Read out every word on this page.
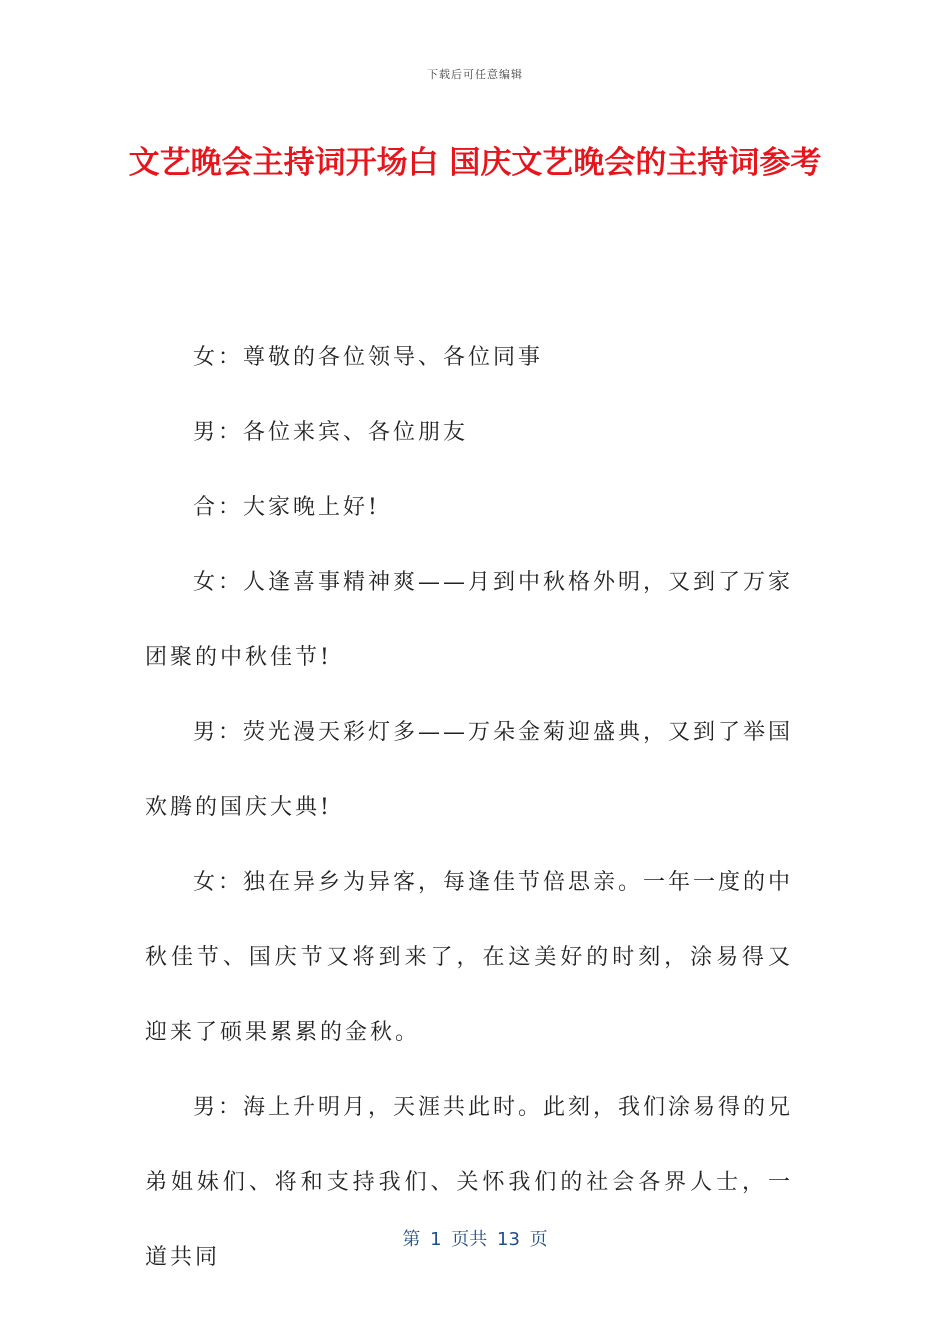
下载后可任意编辑
文艺晚会主持词开场白 国庆文艺晚会的主持词参考

女：尊敬的各位领导、各位同事

男：各位来宾、各位朋友

合：大家晚上好!

女：人逢喜事精神爽——月到中秋格外明，又到了万家团聚的中秋佳节!

男：荧光漫天彩灯多——万朵金菊迎盛典，又到了举国欢腾的国庆大典!

女：独在异乡为异客，每逢佳节倍思亲。一年一度的中秋佳节、国庆节又将到来了，在这美好的时刻，涂易得又迎来了硕果累累的金秋。

男：海上升明月，天涯共此时。此刻，我们涂易得的兄弟姐妹们、将和支持我们、关怀我们的社会各界人士，一道共同

第 1 页共 13 页
